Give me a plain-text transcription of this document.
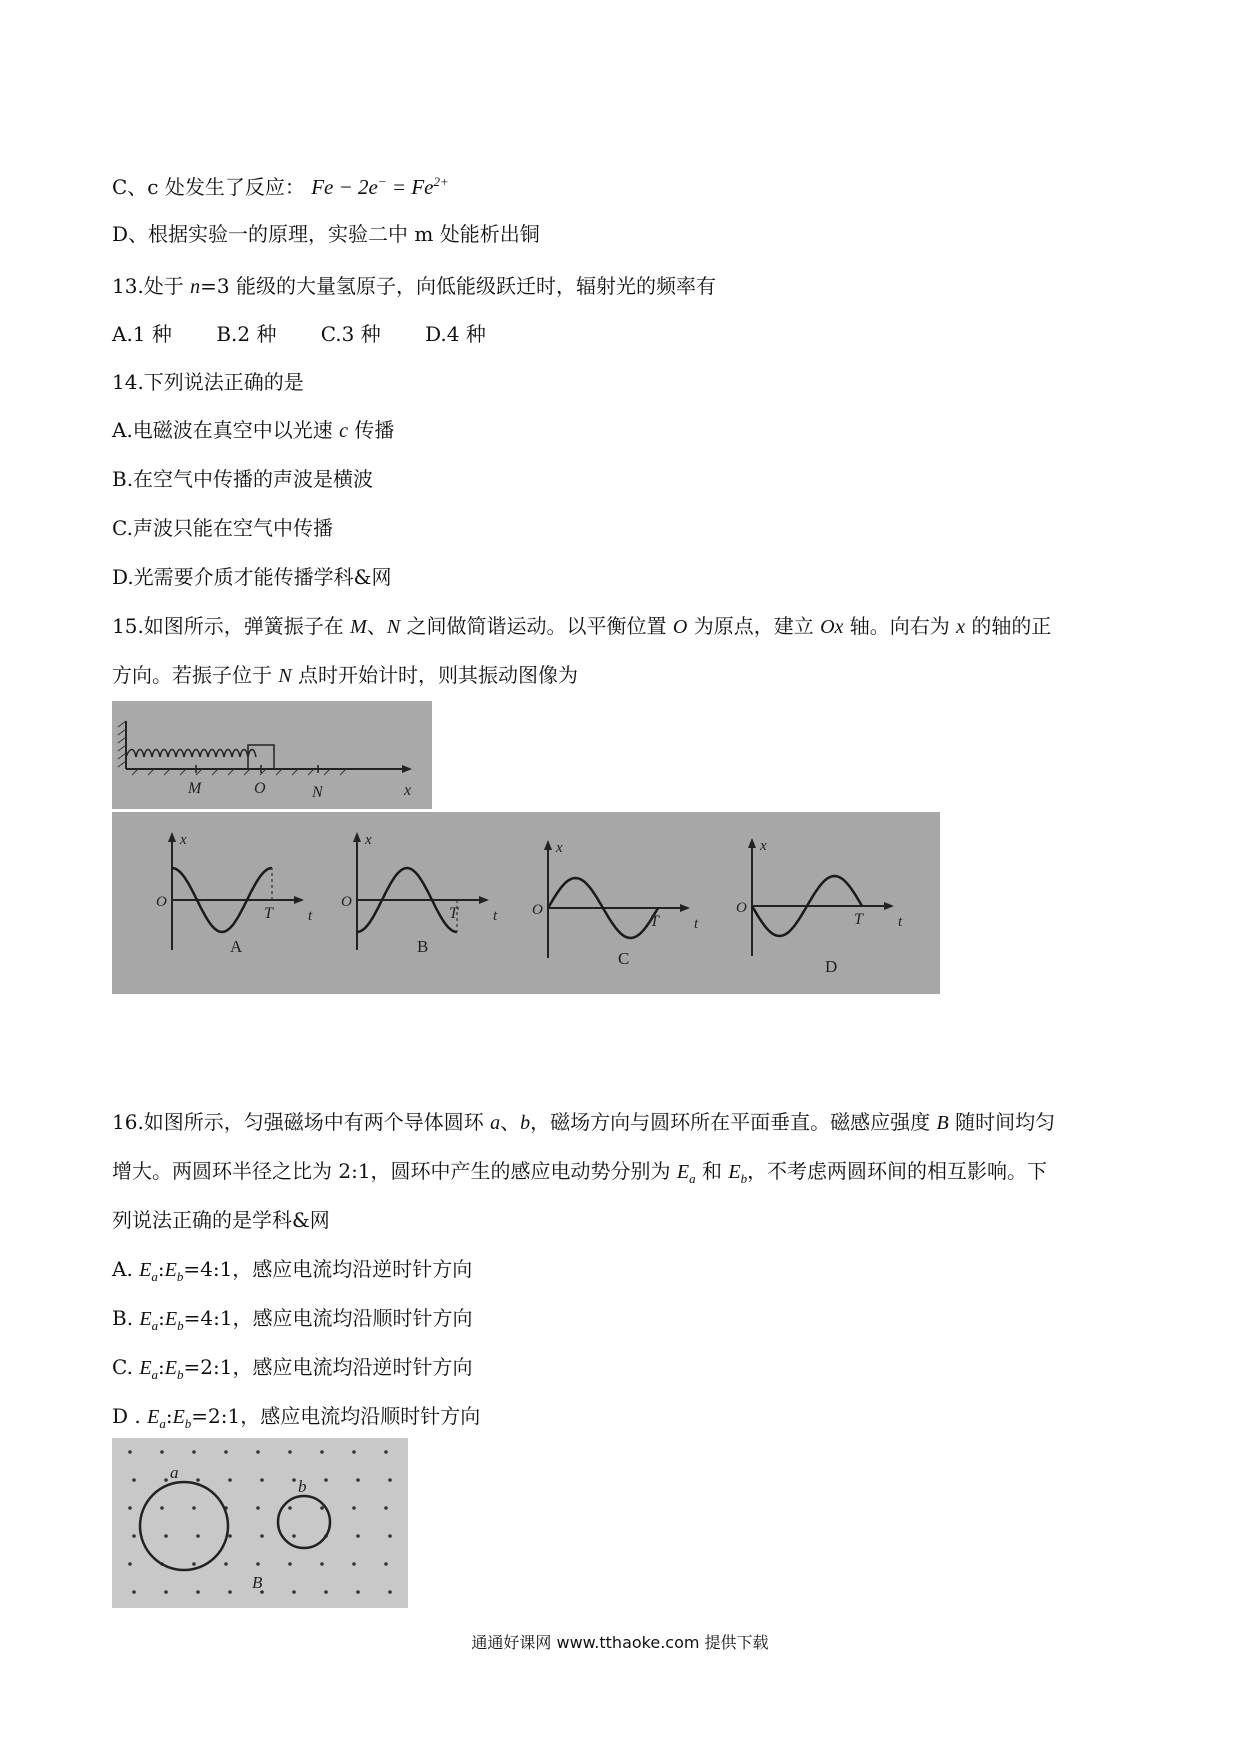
C、c 处发生了反应： $Fe - 2e^- = Fe^{2+}$
D、根据实验一的原理，实验二中 m 处能析出铜
13.处于 n=3 能级的大量氢原子，向低能级跃迁时，辐射光的频率有
A.1 种 B.2 种 C.3 种 D.4 种
14.下列说法正确的是
A.电磁波在真空中以光速 c 传播
B.在空气中传播的声波是横波
C.声波只能在空气中传播
D.光需要介质才能传播学科&网
15.如图所示，弹簧振子在 M、N 之间做简谐运动。以平衡位置 O 为原点，建立 Ox 轴。向右为 x 的轴的正
方向。若振子位于 N 点时开始计时，则其振动图像为
M	O	N	x
x
O
T t
A
x
O
T t
B
x
O
T t
C
x
O
T t
D
16.如图所示，匀强磁场中有两个导体圆环 a、b，磁场方向与圆环所在平面垂直。磁感应强度 B 随时间均匀
增大。两圆环半径之比为 2:1，圆环中产生的感应电动势分别为 $E_a$ 和 $E_b$，不考虑两圆环间的相互影响。下
列说法正确的是学科&网
A. $E_a:E_b=4:1$，感应电流均沿逆时针方向
B. $E_a:E_b=4:1$，感应电流均沿顺时针方向
C. $E_a:E_b=2:1$，感应电流均沿逆时针方向
D . $E_a:E_b=2:1$，感应电流均沿顺时针方向
a
b
B
通通好课网 www.tthaoke.com 提供下载
